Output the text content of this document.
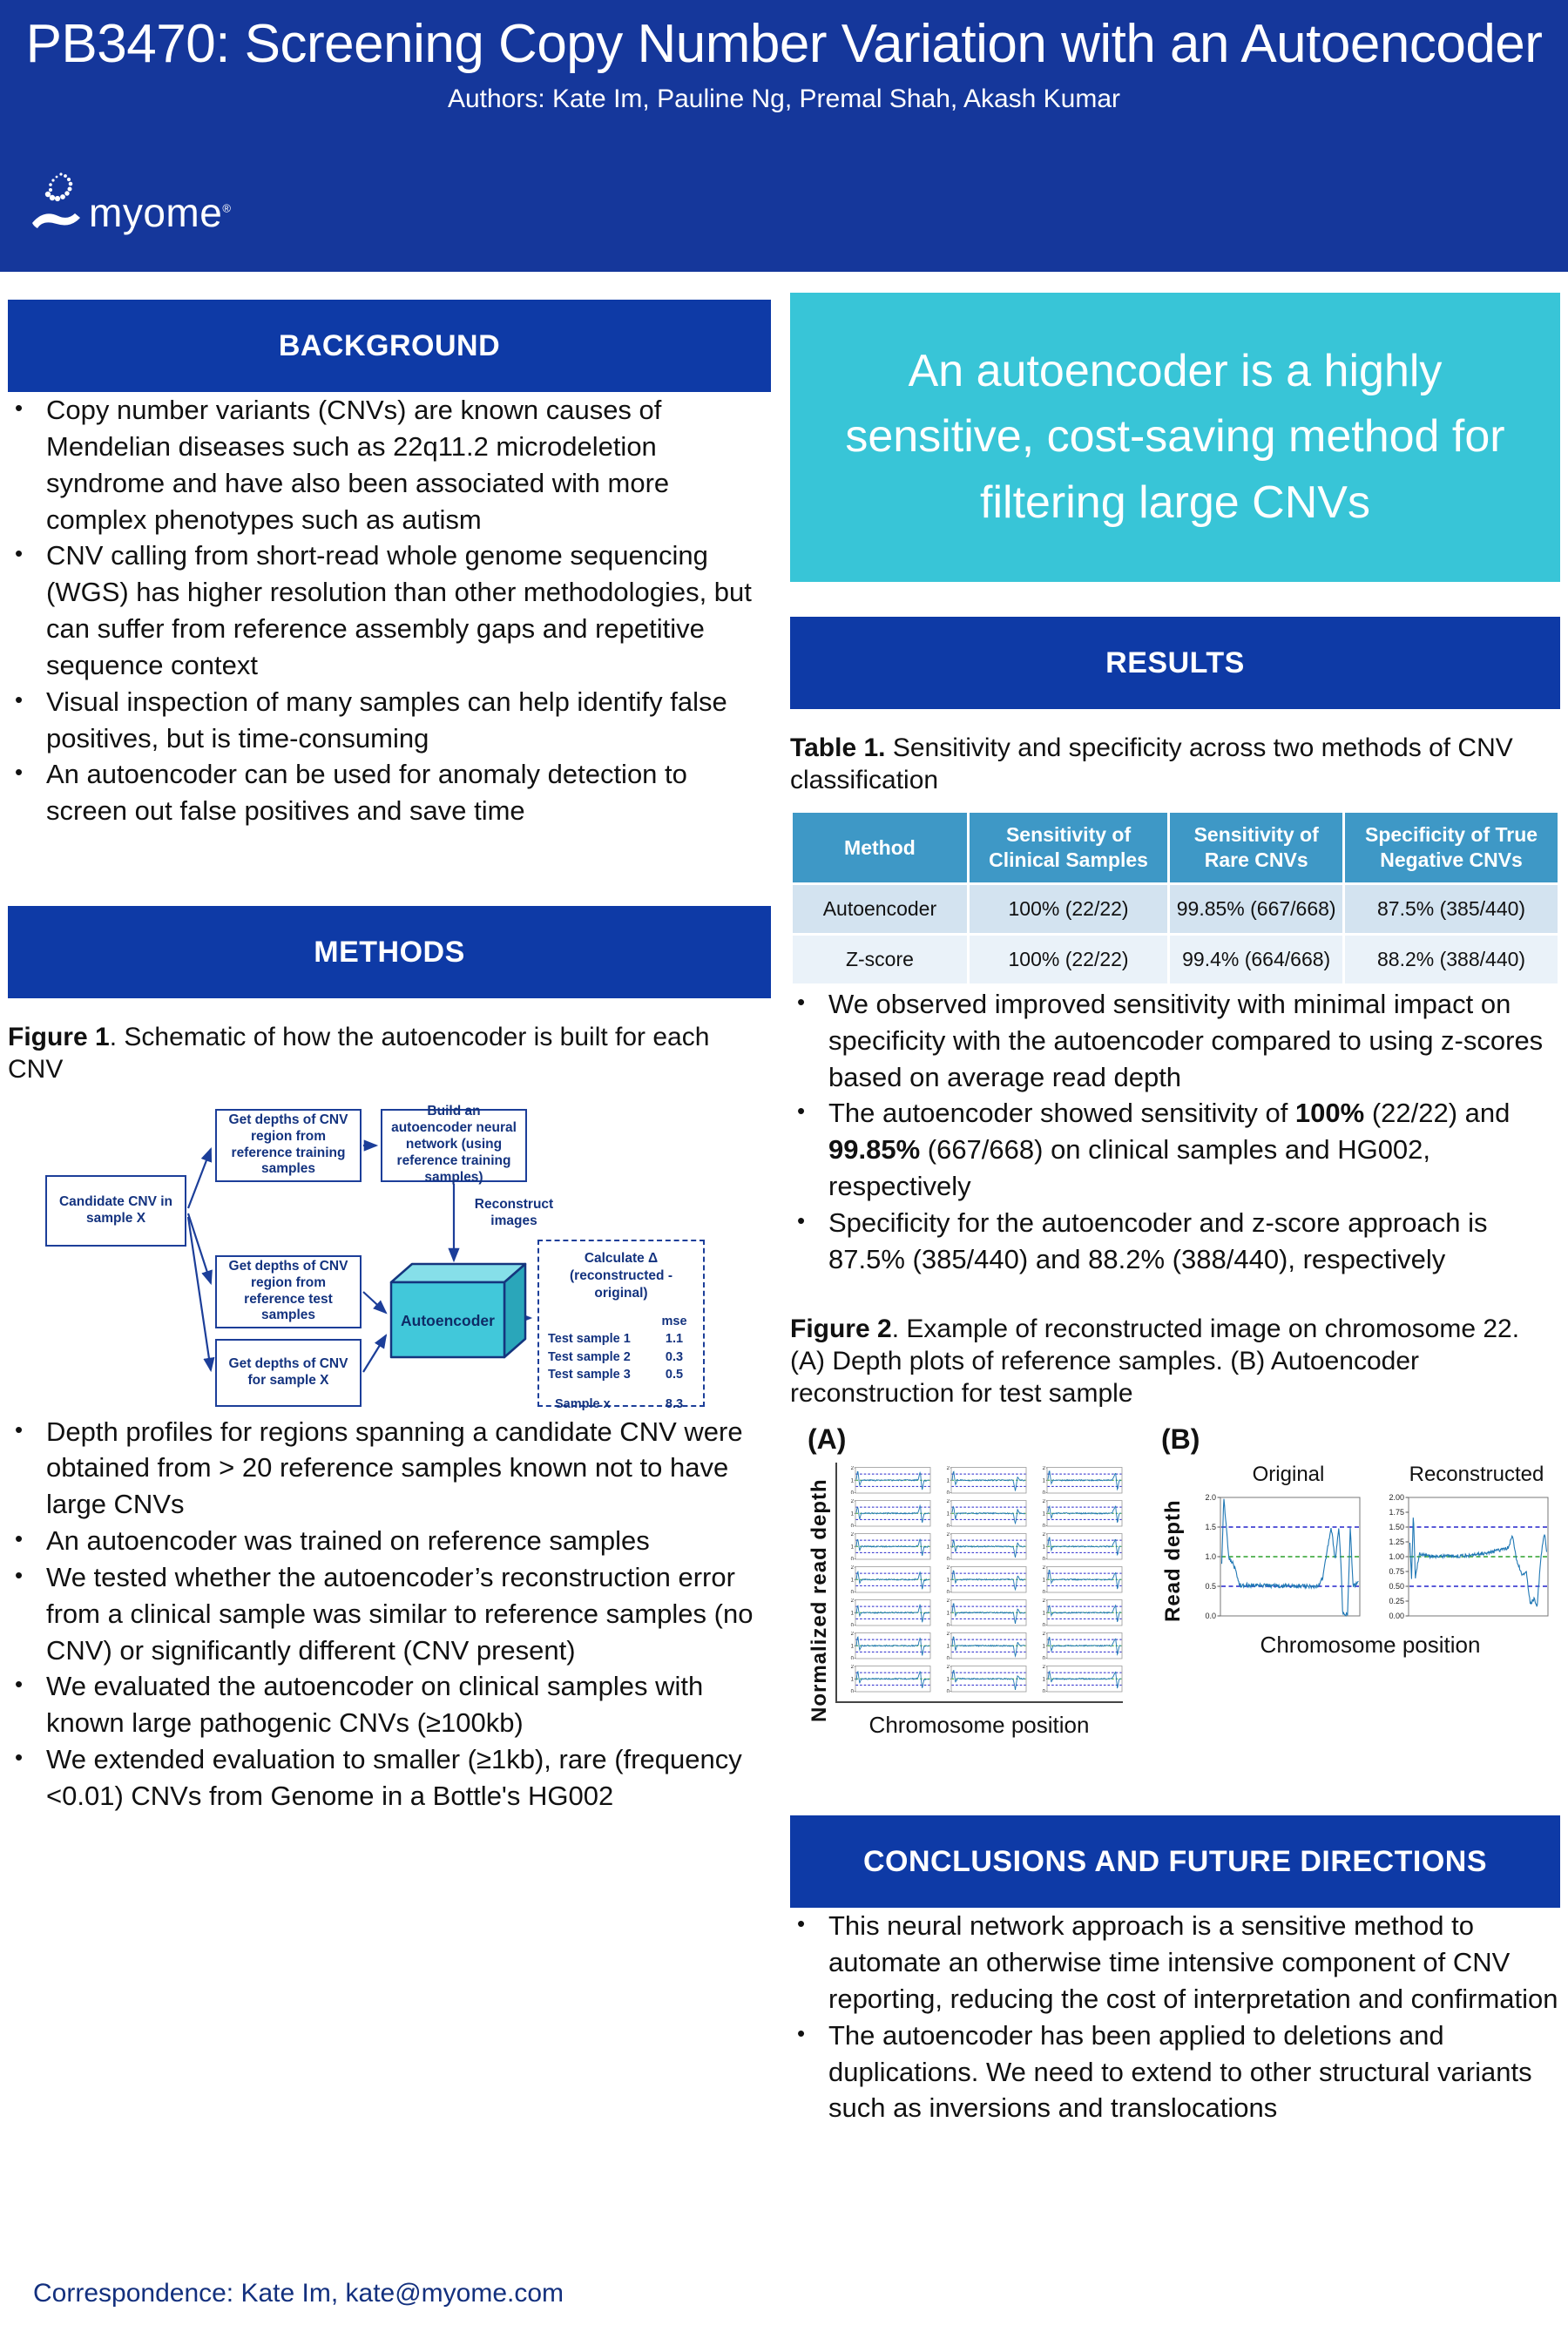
PB3470: Screening Copy Number Variation with an Autoencoder
Authors: Kate Im, Pauline Ng, Premal Shah, Akash Kumar
myome®
BACKGROUND
• Copy number variants (CNVs) are known causes of Mendelian diseases such as 22q11.2 microdeletion syndrome and have also been associated with more complex phenotypes such as autism
• CNV calling from short-read whole genome sequencing (WGS) has higher resolution than other methodologies, but can suffer from reference assembly gaps and repetitive sequence context
• Visual inspection of many samples can help identify false positives, but is time-consuming
• An autoencoder can be used for anomaly detection to screen out false positives and save time
METHODS
Figure 1. Schematic of how the autoencoder is built for each CNV
Candidate CNV in sample X
Get depths of CNV region from reference training samples
Build an autoencoder neural network (using reference training samples)
Get depths of CNV region from reference test samples
Get depths of CNV for sample X
Reconstruct images
Autoencoder
Calculate Δ
(reconstructed - original)
mse
Test sample 1	1.1
Test sample 2	0.3
Test sample 3	0.5
Sample x	8.3
• Depth profiles for regions spanning a candidate CNV were obtained from > 20 reference samples known not to have large CNVs
• An autoencoder was trained on reference samples
• We tested whether the autoencoder’s reconstruction error from a clinical sample was similar to reference samples (no CNV) or significantly different (CNV present)
• We evaluated the autoencoder on clinical samples with known large pathogenic CNVs (≥100kb)
• We extended evaluation to smaller (≥1kb), rare (frequency <0.01) CNVs from Genome in a Bottle's HG002
An autoencoder is a highly sensitive, cost-saving method for filtering large CNVs
RESULTS
Table 1. Sensitivity and specificity across two methods of CNV classification
Method	Sensitivity of Clinical Samples	Sensitivity of Rare CNVs	Specificity of True Negative CNVs
Autoencoder	100% (22/22)	99.85% (667/668)	87.5% (385/440)
Z-score	100% (22/22)	99.4% (664/668)	88.2% (388/440)
• We observed improved sensitivity with minimal impact on specificity with the autoencoder compared to using z-scores based on average read depth
• The autoencoder showed sensitivity of 100% (22/22) and 99.85% (667/668) on clinical samples and HG002, respectively
• Specificity for the autoencoder and z-score approach is 87.5% (385/440) and 88.2% (388/440), respectively
Figure 2. Example of reconstructed image on chromosome 22. (A) Depth plots of reference samples. (B) Autoencoder reconstruction for test sample
(A)
Normalized read depth
2
1
0
2
1
0
2
1
0
2
1
0
2
1
0
2
1
0
2
1
0
2
1
0
2
1
0
2
1
0
2
1
0
2
1
0
2
1
0
2
1
0
2
1
0
2
1
0
2
1
0
2
1
0
2
1
0
2
1
0
2
1
0
Chromosome position
(B)
Read depth
Original
0.0
0.5
1.0
1.5
2.0
Reconstructed
0.00
0.25
0.50
0.75
1.00
1.25
1.50
1.75
2.00
Chromosome position
CONCLUSIONS AND FUTURE DIRECTIONS
• This neural network approach is a sensitive method to automate an otherwise time intensive component of CNV reporting, reducing the cost of interpretation and confirmation
• The autoencoder has been applied to deletions and duplications. We need to extend to other structural variants such as inversions and translocations
Correspondence: Kate Im, kate@myome.com
